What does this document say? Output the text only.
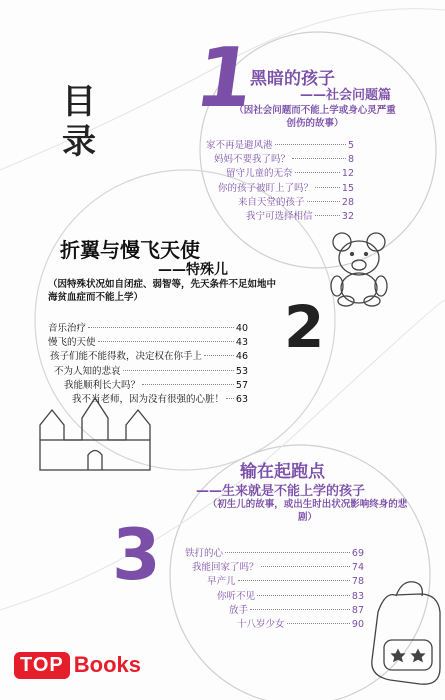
目录
1
黑暗的孩子
——社会问题篇
（因社会问题而不能上学或身心灵严重创伤的故事）
家不再是避风港	5
妈妈不要我了吗？	8
留守儿童的无奈	12
你的孩子被盯上了吗？	15
来自天堂的孩子	28
我宁可选择相信	32
折翼与慢飞天使
——特殊儿
（因特殊状况如自闭症、弱智等，先天条件不足如地中海贫血症而不能上学）	2
音乐治疗	40
慢飞的天使	43
孩子们能不能得救，决定权在你手上	46
不为人知的悲哀	53
我能顺利长大吗？	57
我不当老师，因为没有很强的心脏！ 63
输在起跑点
——生来就是不能上学的孩子
（初生儿的故事，或出生时出状况影响终身的悲剧）
3	铁打的心	69
我能回家了吗？	74
早产儿	78
你听不见	83
放手	87
十八岁少女	90
TOP Books
